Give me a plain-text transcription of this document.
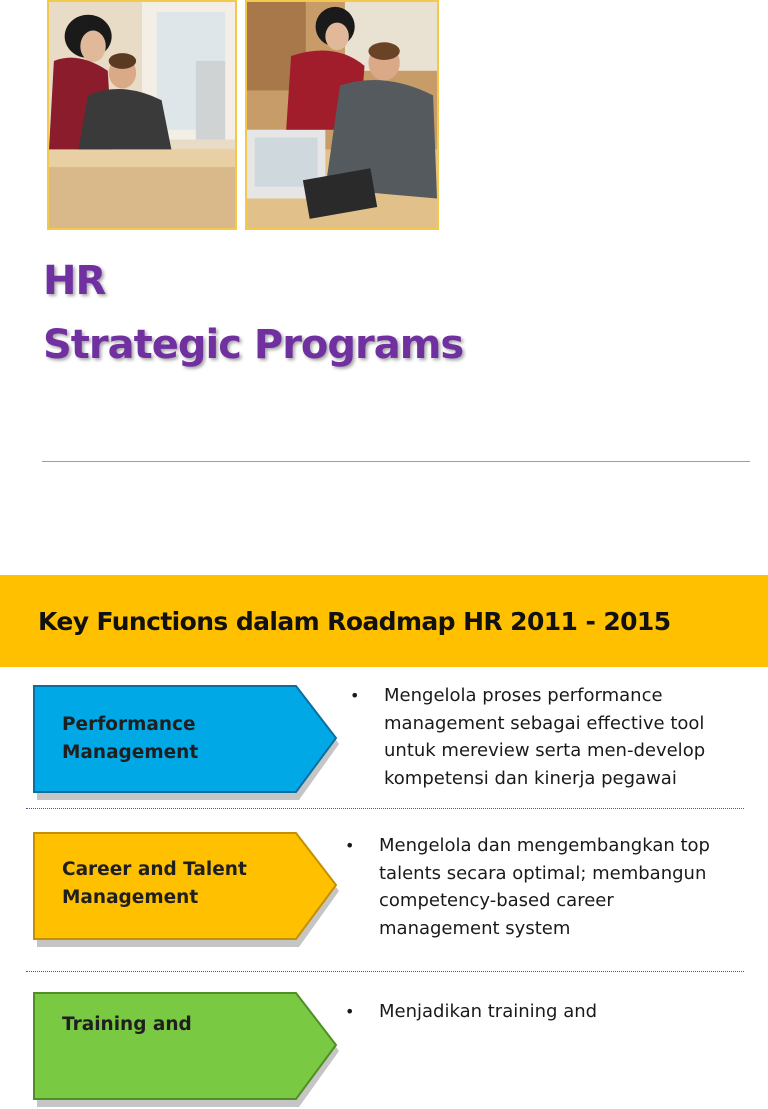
HR
Strategic Programs
Key Functions dalam Roadmap HR 2011 - 2015
Performance
Management
• Mengelola proses performance
management sebagai effective tool
untuk mereview serta men-develop
kompetensi dan kinerja pegawai
Career and Talent
Management
• Mengelola dan mengembangkan top
talents secara optimal; membangun
competency-based career
management system
Training and
• Menjadikan training and
